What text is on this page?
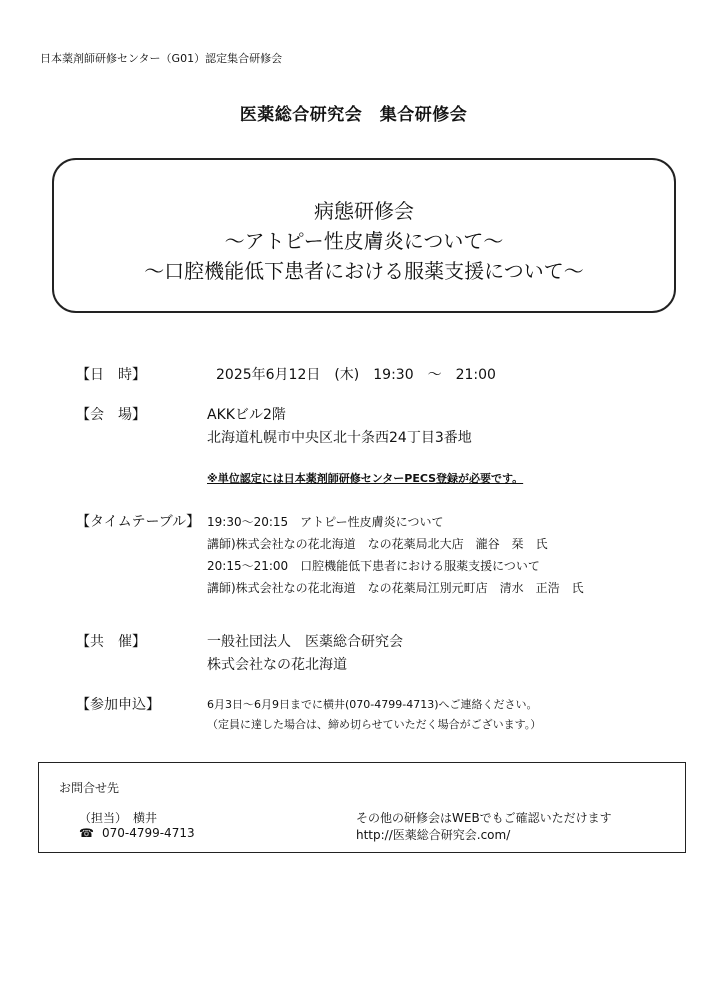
日本薬剤師研修センター（G01）認定集合研修会
医薬総合研究会　集合研修会
病態研修会
～アトピー性皮膚炎について～
～口腔機能低下患者における服薬支援について～
【日　時】	2025年6月12日　(木)　19:30　～　21:00
【会　場】	AKKビル2階
北海道札幌市中央区北十条西24丁目3番地
※単位認定には日本薬剤師研修センターPECS登録が必要です。
【タイムテーブル】 19:30～20:15　アトピー性皮膚炎について
講師)株式会社なの花北海道　なの花薬局北大店　瀧谷　栞　氏
20:15～21:00　口腔機能低下患者における服薬支援について
講師)株式会社なの花北海道　なの花薬局江別元町店　清水　正浩　氏
【共　催】	一般社団法人　医薬総合研究会
株式会社なの花北海道
【参加申込】	6月3日～6月9日までに横井(070-4799-4713)へご連絡ください。
（定員に達した場合は、締め切らせていただく場合がございます。）
お問合せ先
（担当）　横井
☎ 070-4799-4713
その他の研修会はWEBでもご確認いただけます
http://医薬総合研究会.com/
